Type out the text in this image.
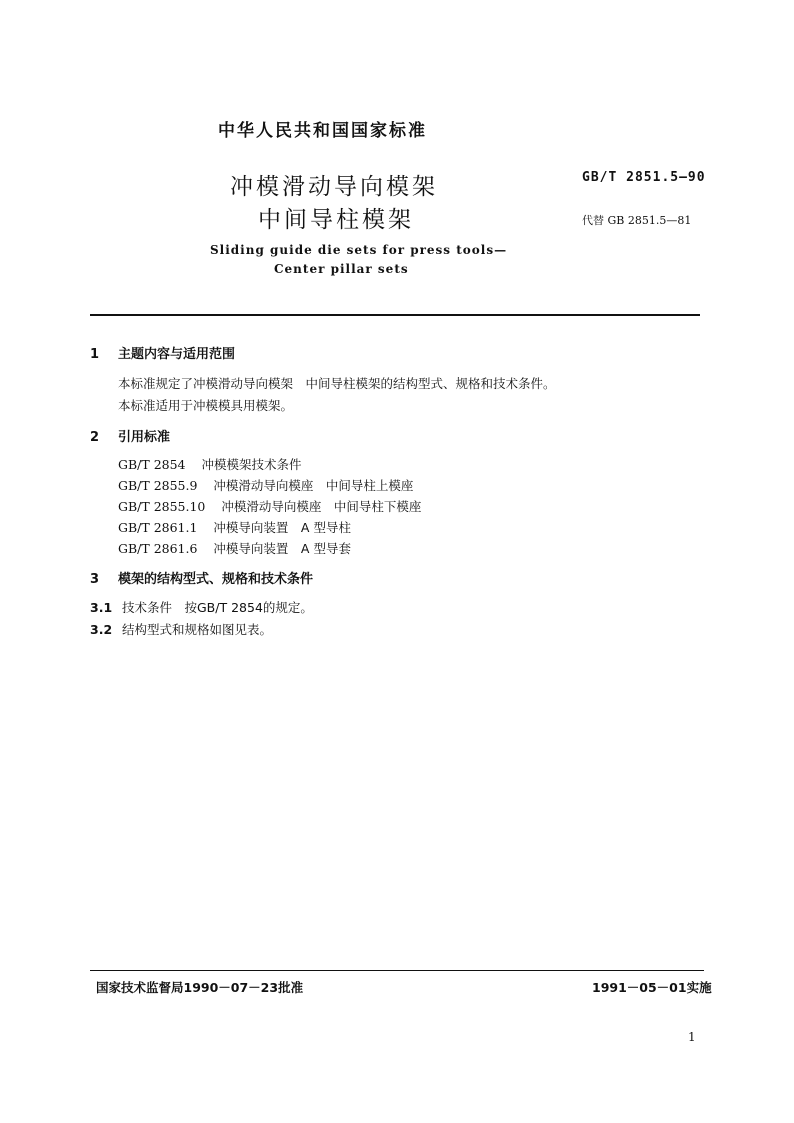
中华人民共和国国家标准
冲模滑动导向模架
中间导柱模架
GB/T 2851.5—90
代替 GB 2851.5—81
Sliding guide die sets for press tools—
Center pillar sets
1 主题内容与适用范围
本标准规定了冲模滑动导向模架　中间导柱模架的结构型式、规格和技术条件。
本标准适用于冲模模具用模架。
2 引用标准
GB/T 2854 冲模模架技术条件
GB/T 2855.9 冲模滑动导向模座　中间导柱上模座
GB/T 2855.10 冲模滑动导向模座　中间导柱下模座
GB/T 2861.1 冲模导向装置　A 型导柱
GB/T 2861.6 冲模导向装置　A 型导套
3 模架的结构型式、规格和技术条件
3.1 技术条件　按GB/T 2854的规定。
3.2 结构型式和规格如图见表。
国家技术监督局1990－07－23批准	1991－05－01实施
1
